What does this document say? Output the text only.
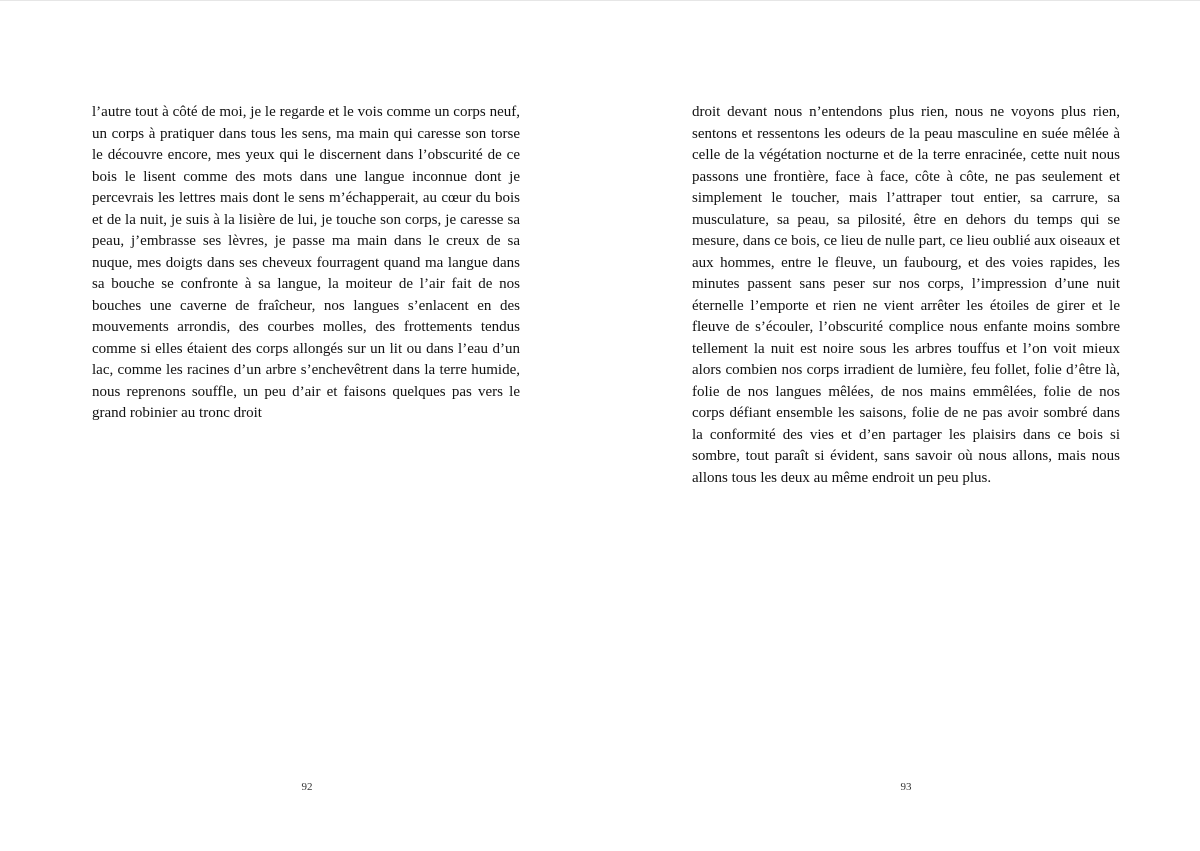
l’autre tout à côté de moi, je le regarde et le vois comme un corps neuf, un corps à pratiquer dans tous les sens, ma main qui caresse son torse le découvre encore, mes yeux qui le discernent dans l’obscurité de ce bois le lisent comme des mots dans une langue inconnue dont je percevrais les lettres mais dont le sens m’échapperait, au cœur du bois et de la nuit, je suis à la lisière de lui, je touche son corps, je caresse sa peau, j’embrasse ses lèvres, je passe ma main dans le creux de sa nuque, mes doigts dans ses cheveux fourragent quand ma langue dans sa bouche se confronte à sa langue, la moiteur de l’air fait de nos bouches une caverne de fraîcheur, nos langues s’enlacent en des mouvements arrondis, des courbes molles, des frottements tendus comme si elles étaient des corps allongés sur un lit ou dans l’eau d’un lac, comme les racines d’un arbre s’enchevêtrent dans la terre humide, nous reprenons souffle, un peu d’air et faisons quelques pas vers le grand robinier au tronc droit

92

droit devant nous n’entendons plus rien, nous ne voyons plus rien, sentons et ressentons les odeurs de la peau masculine en suée mêlée à celle de la végétation nocturne et de la terre enracinée, cette nuit nous passons une frontière, face à face, côte à côte, ne pas seulement et simplement le toucher, mais l’attraper tout entier, sa carrure, sa musculature, sa peau, sa pilosité, être en dehors du temps qui se mesure, dans ce bois, ce lieu de nulle part, ce lieu oublié aux oiseaux et aux hommes, entre le fleuve, un faubourg, et des voies rapides, les minutes passent sans peser sur nos corps, l’impression d’une nuit éternelle l’emporte et rien ne vient arrêter les étoiles de girer et le fleuve de s’écouler, l’obscurité complice nous enfante moins sombre tellement la nuit est noire sous les arbres touffus et l’on voit mieux alors combien nos corps irradient de lumière, feu follet, folie d’être là, folie de nos langues mêlées, de nos mains emmêlées, folie de nos corps défiant ensemble les saisons, folie de ne pas avoir sombré dans la conformité des vies et d’en partager les plaisirs dans ce bois si sombre, tout paraît si évident, sans savoir où nous allons, mais nous allons tous les deux au même endroit un peu plus.

93
